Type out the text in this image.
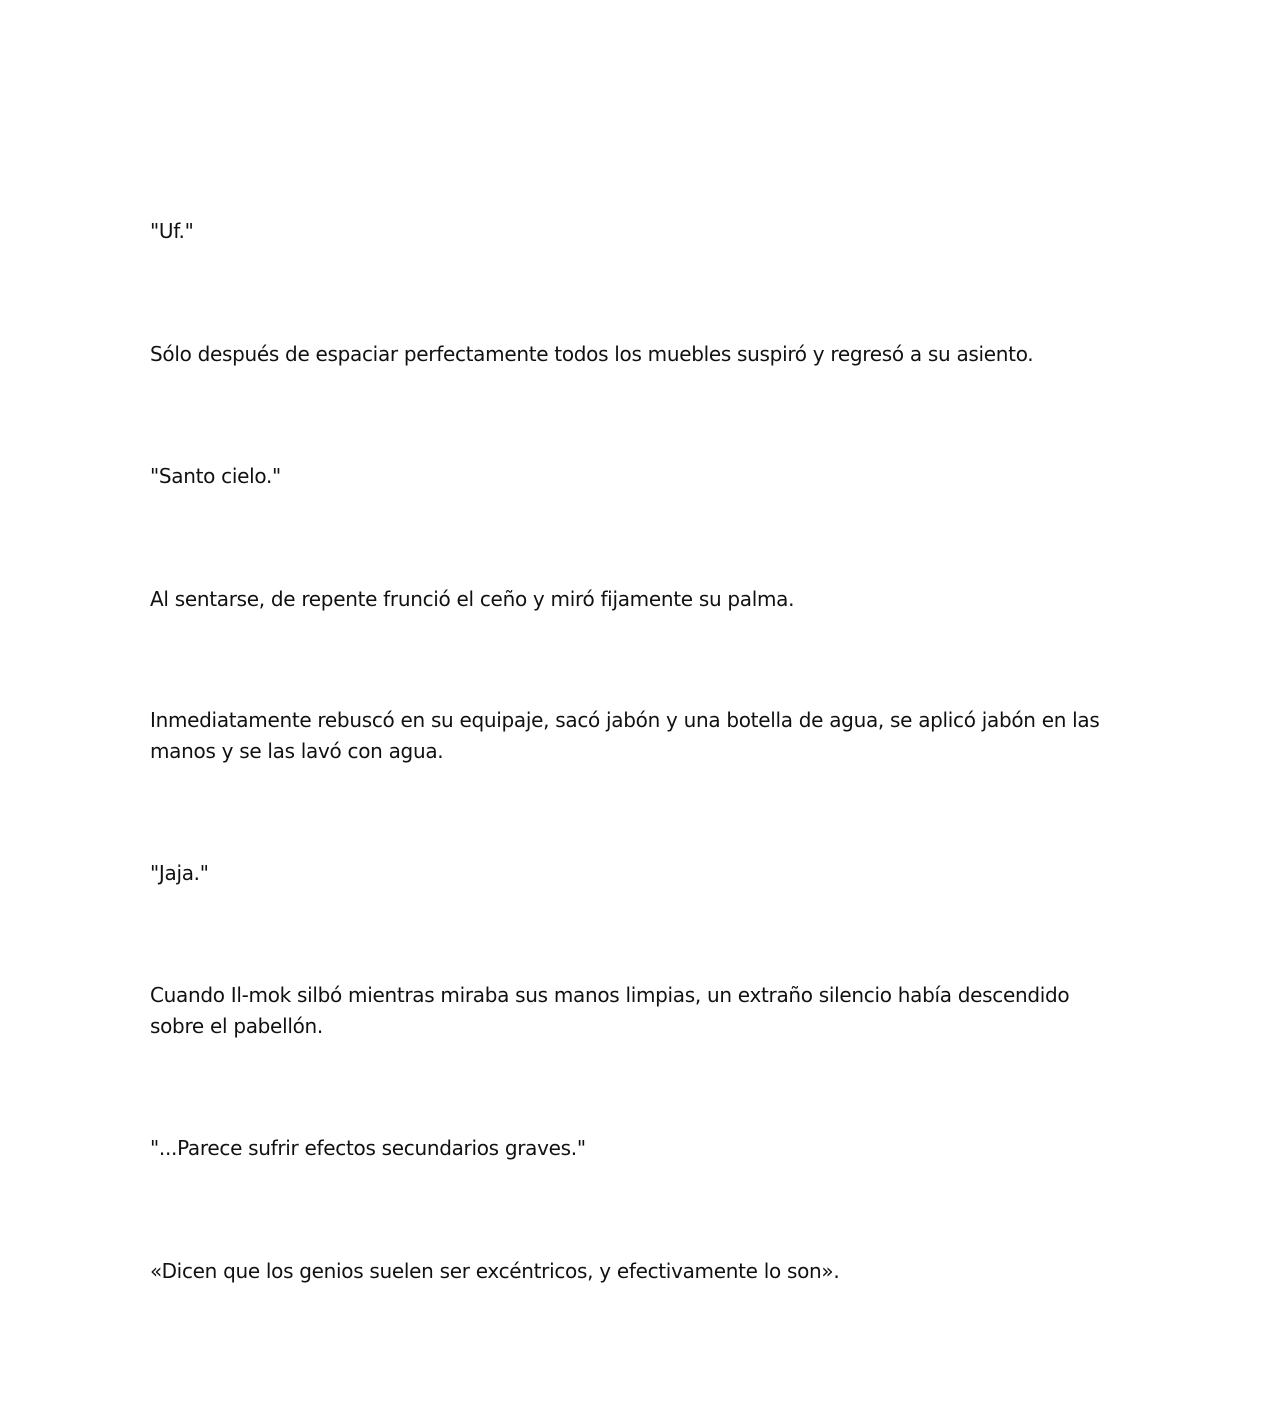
"Uf."

Sólo después de espaciar perfectamente todos los muebles suspiró y regresó a su asiento.

"Santo cielo."

Al sentarse, de repente frunció el ceño y miró fijamente su palma.

Inmediatamente rebuscó en su equipaje, sacó jabón y una botella de agua, se aplicó jabón en las manos y se las lavó con agua.

"Jaja."

Cuando Il-mok silbó mientras miraba sus manos limpias, un extraño silencio había descendido sobre el pabellón.

"...Parece sufrir efectos secundarios graves."

«Dicen que los genios suelen ser excéntricos, y efectivamente lo son».
